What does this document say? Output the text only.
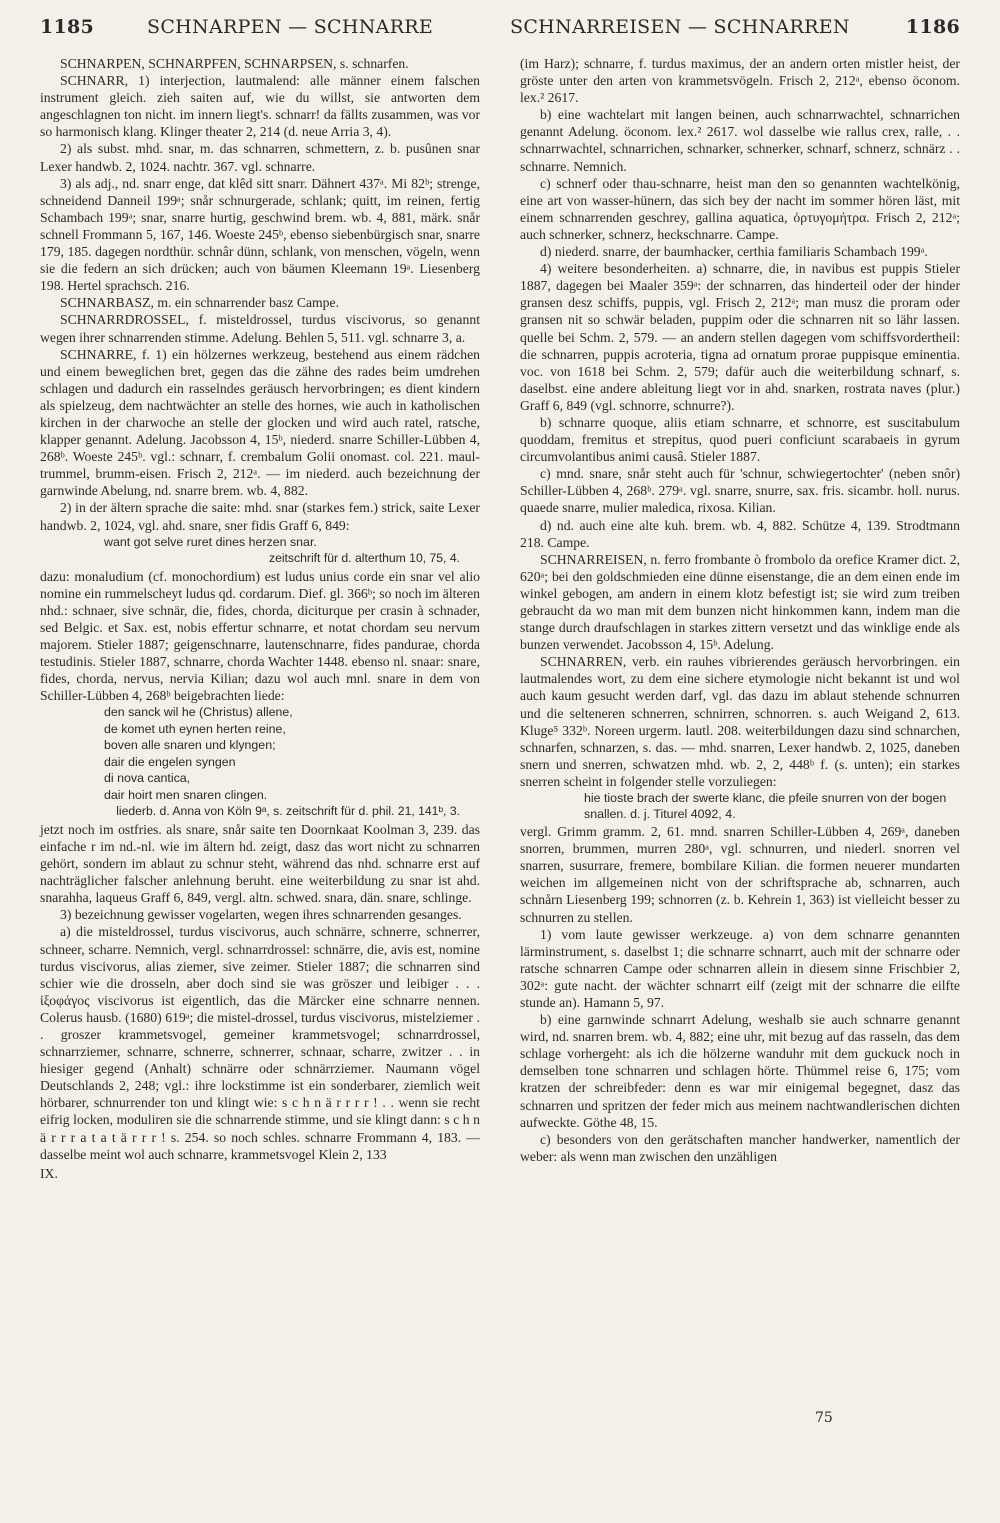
1185	SCHNARPEN — SCHNARRE	SCHNARREISEN — SCHNARREN	1186

SCHNARPEN, SCHNARPFEN, SCHNARPSEN, s. schnarfen.

SCHNARR, 1) interjection, lautmalend: alle männer einem falschen instrument gleich. zieh saiten auf, wie du willst, sie antworten dem angeschlagnen ton nicht. im innern liegt's. schnarr! da fällts zusammen, was vor so harmonisch klang. Klinger theater 2, 214 (d. neue Arria 3, 4).

2) als subst. mhd. snar, m. das schnarren, schmettern, z. b. pusûnen snar Lexer handwb. 2, 1024. nachtr. 367. vgl. schnarre.

3) als adj., nd. snarr enge, dat klêd sitt snarr. Dähnert 437ᵃ. Mi 82ᵇ; strenge, schneidend Danneil 199ᵃ; snår schnurgerade, schlank; quitt, im reinen, fertig Schambach 199ᵃ; snar, snarre hurtig, geschwind brem. wb. 4, 881, märk. snår schnell Frommann 5, 167, 146. Woeste 245ᵇ, ebenso siebenbürgisch snar, snarre 179, 185. dagegen nordthür. schnâr dünn, schlank, von menschen, vögeln, wenn sie die federn an sich drücken; auch von bäumen Kleemann 19ᵃ. Liesenberg 198. Hertel sprachsch. 216.

SCHNARBASZ, m. ein schnarrender basz Campe.

SCHNARRDROSSEL, f. misteldrossel, turdus viscivorus, so genannt wegen ihrer schnarrenden stimme. Adelung. Behlen 5, 511. vgl. schnarre 3, a.

SCHNARRE, f. 1) ein hölzernes werkzeug, bestehend aus einem rädchen und einem beweglichen bret, gegen das die zähne des rades beim umdrehen schlagen und dadurch ein rasselndes geräusch hervorbringen; es dient kindern als spielzeug, dem nachtwächter an stelle des hornes, wie auch in katholischen kirchen in der charwoche an stelle der glocken und wird auch ratel, ratsche, klapper genannt. Adelung. Jacobsson 4, 15ᵇ, niederd. snarre Schiller-Lübben 4, 268ᵇ. Woeste 245ᵇ. vgl.: schnarr, f. crembalum Golii onomast. col. 221. maul-trummel, brumm-eisen. Frisch 2, 212ᵃ. — im niederd. auch bezeichnung der garnwinde Abelung, nd. snarre brem. wb. 4, 882.

2) in der ältern sprache die saite: mhd. snar (starkes fem.) strick, saite Lexer handwb. 2, 1024, vgl. ahd. snare, sner fidis Graff 6, 849:

want got selve ruret dines herzen snar.

zeitschrift für d. alterthum 10, 75, 4.

dazu: monaludium (cf. monochordium) est ludus unius corde ein snar vel alio nomine ein rummelscheyt ludus qd. cordarum. Dief. gl. 366ᵇ; so noch im älteren nhd.: schnaer, sive schnär, die, fides, chorda, diciturque per crasin à schnader, sed Belgic. et Sax. est, nobis effertur schnarre, et notat chordam seu nervum majorem. Stieler 1887; geigenschnarre, lautenschnarre, fides pandurae, chorda testudinis. Stieler 1887, schnarre, chorda Wachter 1448. ebenso nl. snaar: snare, fides, chorda, nervus, nervia Kilian; dazu wol auch mnl. snare in dem von Schiller-Lübben 4, 268ᵇ beigebrachten liede:

den sanck wil he (Christus) allene,

de komet uth eynen herten reine,

boven alle snaren und klyngen;

dair die engelen syngen

di nova cantica,

dair hoirt men snaren clingen.

liederb. d. Anna von Köln 9ᵃ, s. zeitschrift für d. phil. 21, 141ᵇ, 3.

jetzt noch im ostfries. als snare, snår saite ten Doornkaat Koolman 3, 239. das einfache r im nd.-nl. wie im ältern hd. zeigt, dasz das wort nicht zu schnarren gehört, sondern im ablaut zu schnur steht, während das nhd. schnarre erst auf nachträglicher falscher anlehnung beruht. eine weiterbildung zu snar ist ahd. snarahha, laqueus Graff 6, 849, vergl. altn. schwed. snara, dän. snare, schlinge.

3) bezeichnung gewisser vogelarten, wegen ihres schnarrenden gesanges.

a) die misteldrossel, turdus viscivorus, auch schnärre, schnerre, schnerrer, schneer, scharre. Nemnich, vergl. schnarrdrossel: schnärre, die, avis est, nomine turdus viscivorus, alias ziemer, sive zeimer. Stieler 1887; die schnarren sind schier wie die drosseln, aber doch sind sie was gröszer und leibiger . . . ἰξοφάγος viscivorus ist eigentlich, das die Märcker eine schnarre nennen. Colerus hausb. (1680) 619ᵃ; die mistel-drossel, turdus viscivorus, mistelziemer . . groszer krammetsvogel, gemeiner krammetsvogel; schnarrdrossel, schnarrziemer, schnarre, schnerre, schnerrer, schnaar, scharre, zwitzer . . in hiesiger gegend (Anhalt) schnärre oder schnärrziemer. Naumann vögel Deutschlands 2, 248; vgl.: ihre lockstimme ist ein sonderbarer, ziemlich weit hörbarer, schnurrender ton und klingt wie: s c h n ä r r r r ! . . wenn sie recht eifrig locken, moduliren sie die schnarrende stimme, und sie klingt dann: s c h n ä r r r a t a t ä r r r ! s. 254. so noch schles. schnarre Frommann 4, 183. — dasselbe meint wol auch schnarre, krammetsvogel Klein 2, 133

IX.

(im Harz); schnarre, f. turdus maximus, der an andern orten mistler heist, der gröste unter den arten von krammetsvögeln. Frisch 2, 212ᵃ, ebenso öconom. lex.² 2617.

b) eine wachtelart mit langen beinen, auch schnarrwachtel, schnarrichen genannt Adelung. öconom. lex.² 2617. wol dasselbe wie rallus crex, ralle, . . schnarrwachtel, schnarrichen, schnarker, schnerker, schnarf, schnerz, schnärz . . schnarre. Nemnich.

c) schnerf oder thau-schnarre, heist man den so genannten wachtelkönig, eine art von wasser-hünern, das sich bey der nacht im sommer hören läst, mit einem schnarrenden geschrey, gallina aquatica, ὀρτυγομήτρα. Frisch 2, 212ᵃ; auch schnerker, schnerz, heckschnarre. Campe.

d) niederd. snarre, der baumhacker, certhia familiaris Schambach 199ᵃ.

4) weitere besonderheiten. a) schnarre, die, in navibus est puppis Stieler 1887, dagegen bei Maaler 359ᵃ: der schnarren, das hinderteil oder der hinder gransen desz schiffs, puppis, vgl. Frisch 2, 212ᵃ; man musz die proram oder gransen nit so schwär beladen, puppim oder die schnarren nit so lähr lassen. quelle bei Schm. 2, 579. — an andern stellen dagegen vom schiffsvordertheil: die schnarren, puppis acroteria, tigna ad ornatum prorae puppisque eminentia. voc. von 1618 bei Schm. 2, 579; dafür auch die weiterbildung schnarf, s. daselbst. eine andere ableitung liegt vor in ahd. snarken, rostrata naves (plur.) Graff 6, 849 (vgl. schnorre, schnurre?).

b) schnarre quoque, aliis etiam schnarre, et schnorre, est suscitabulum quoddam, fremitus et strepitus, quod pueri conficiunt scarabaeis in gyrum circumvolantibus animi causâ. Stieler 1887.

c) mnd. snare, snår steht auch für 'schnur, schwiegertochter' (neben snôr) Schiller-Lübben 4, 268ᵇ. 279ᵃ. vgl. snarre, snurre, sax. fris. sicambr. holl. nurus. quaede snarre, mulier maledica, rixosa. Kilian.

d) nd. auch eine alte kuh. brem. wb. 4, 882. Schütze 4, 139. Strodtmann 218. Campe.

SCHNARREISEN, n. ferro frombante ò frombolo da orefice Kramer dict. 2, 620ᵃ; bei den goldschmieden eine dünne eisenstange, die an dem einen ende im winkel gebogen, am andern in einem klotz befestigt ist; sie wird zum treiben gebraucht da wo man mit dem bunzen nicht hinkommen kann, indem man die stange durch draufschlagen in starkes zittern versetzt und das winklige ende als bunzen verwendet. Jacobsson 4, 15ᵇ. Adelung.

SCHNARREN, verb. ein rauhes vibrierendes geräusch hervorbringen. ein lautmalendes wort, zu dem eine sichere etymologie nicht bekannt ist und wol auch kaum gesucht werden darf, vgl. das dazu im ablaut stehende schnurren und die selteneren schnerren, schnirren, schnorren. s. auch Weigand 2, 613. Kluge⁵ 332ᵇ. Noreen urgerm. lautl. 208. weiterbildungen dazu sind schnarchen, schnarfen, schnarzen, s. das. — mhd. snarren, Lexer handwb. 2, 1025, daneben snern und snerren, schwatzen mhd. wb. 2, 2, 448ᵇ f. (s. unten); ein starkes snerren scheint in folgender stelle vorzuliegen:

hie tioste brach der swerte klanc, die pfeile snurren von der bogen snallen. d. j. Titurel 4092, 4.

vergl. Grimm gramm. 2, 61. mnd. snarren Schiller-Lübben 4, 269ᵃ, daneben snorren, brummen, murren 280ᵃ, vgl. schnurren, und niederl. snorren vel snarren, susurrare, fremere, bombilare Kilian. die formen neuerer mundarten weichen im allgemeinen nicht von der schriftsprache ab, schnarren, auch schnårn Liesenberg 199; schnorren (z. b. Kehrein 1, 363) ist vielleicht besser zu schnurren zu stellen.

1) vom laute gewisser werkzeuge. a) von dem schnarre genannten lärminstrument, s. daselbst 1; die schnarre schnarrt, auch mit der schnarre oder ratsche schnarren Campe oder schnarren allein in diesem sinne Frischbier 2, 302ᵃ: gute nacht. der wächter schnarrt eilf (zeigt mit der schnarre die eilfte stunde an). Hamann 5, 97.

b) eine garnwinde schnarrt Adelung, weshalb sie auch schnarre genannt wird, nd. snarren brem. wb. 4, 882; eine uhr, mit bezug auf das rasseln, das dem schlage vorhergeht: als ich die hölzerne wanduhr mit dem guckuck noch in demselben tone schnarren und schlagen hörte. Thümmel reise 6, 175; vom kratzen der schreibfeder: denn es war mir einigemal begegnet, dasz das schnarren und spritzen der feder mich aus meinem nachtwandlerischen dichten aufweckte. Göthe 48, 15.

c) besonders von den gerätschaften mancher handwerker, namentlich der weber: als wenn man zwischen den unzähligen

75
